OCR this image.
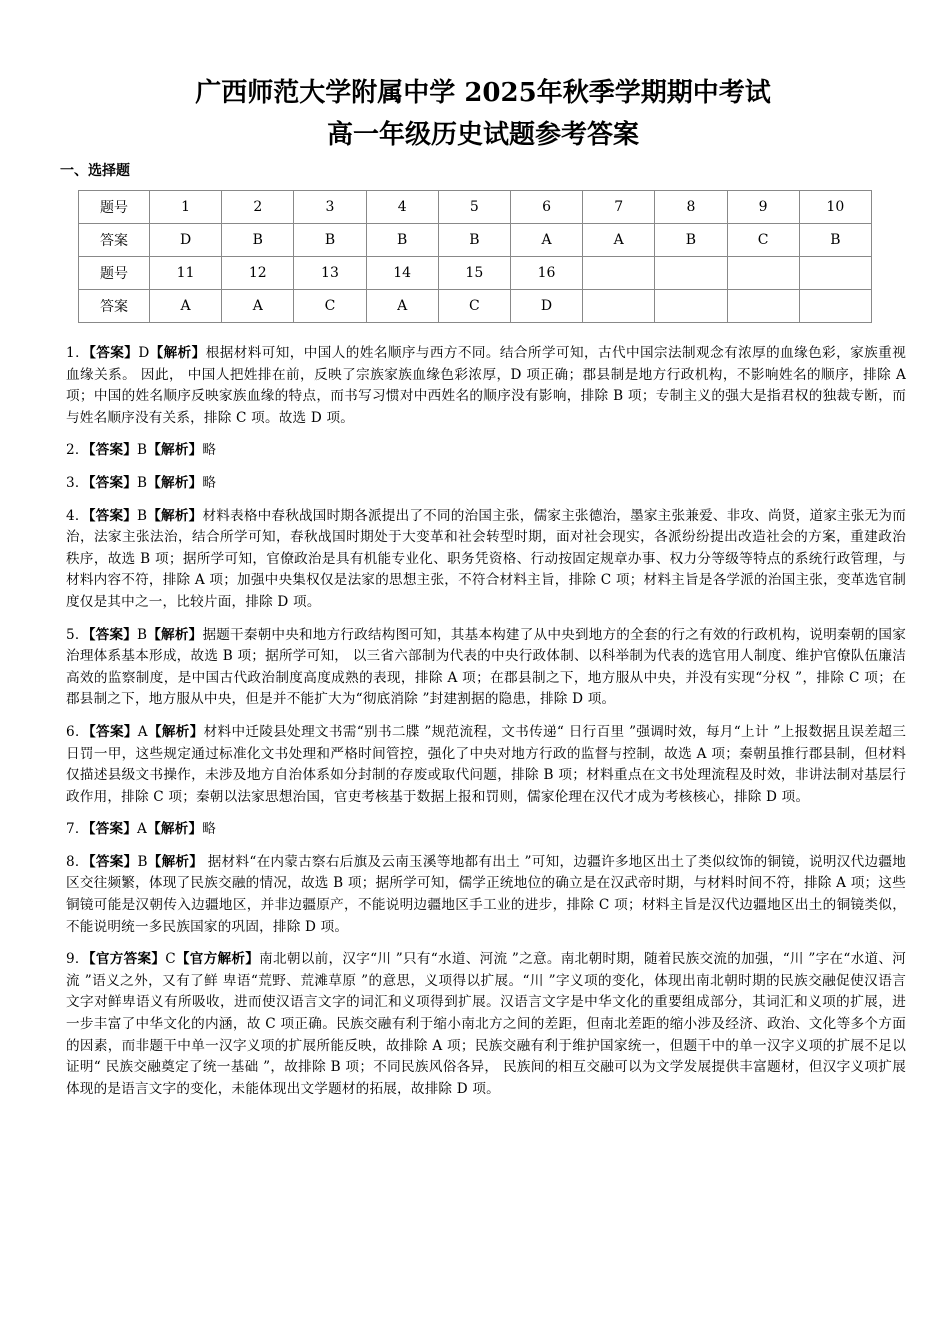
广西师范大学附属中学 2025年秋季学期期中考试
高一年级历史试题参考答案
一、选择题
题号	1	2	3	4	5	6	7	8	9	10
答案	D	B	B	B	B	A	A	B	C	B
题号	11	12	13	14	15	16				
答案	A	A	C	A	C	D				

1．【答案】D【解析】根据材料可知，中国人的姓名顺序与西方不同。结合所学可知，古代中国宗法制观念有浓厚的血缘色彩，家族重视血缘关系。 因此， 中国人把姓排在前，反映了宗族家族血缘色彩浓厚，D 项正确；郡县制是地方行政机构，不影响姓名的顺序，排除 A 项；中国的姓名顺序反映家族血缘的特点，而书写习惯对中西姓名的顺序没有影响，排除 B 项；专制主义的强大是指君权的独裁专断，而与姓名顺序没有关系，排除 C 项。故选 D 项。

2．【答案】B【解析】略

3．【答案】B【解析】略

4．【答案】B【解析】材料表格中春秋战国时期各派提出了不同的治国主张，儒家主张德治，墨家主张兼爱、非攻、尚贤，道家主张无为而治，法家主张法治，结合所学可知，春秋战国时期处于大变革和社会转型时期，面对社会现实，各派纷纷提出改造社会的方案，重建政治秩序，故选 B 项；据所学可知，官僚政治是具有机能专业化、职务凭资格、行动按固定规章办事、权力分等级等特点的系统行政管理，与材料内容不符，排除 A 项；加强中央集权仅是法家的思想主张，不符合材料主旨，排除 C 项；材料主旨是各学派的治国主张，变革选官制度仅是其中之一，比较片面，排除 D 项。

5．【答案】B【解析】据题干秦朝中央和地方行政结构图可知，其基本构建了从中央到地方的全套的行之有效的行政机构，说明秦朝的国家治理体系基本形成，故选 B 项；据所学可知， 以三省六部制为代表的中央行政体制、以科举制为代表的选官用人制度、维护官僚队伍廉洁高效的监察制度，是中国古代政治制度高度成熟的表现，排除 A 项；在郡县制之下，地方服从中央，并没有实现“分权 ”，排除 C 项；在郡县制之下，地方服从中央，但是并不能扩大为“彻底消除 ”封建割据的隐患，排除 D 项。

6．【答案】A【解析】材料中迁陵县处理文书需“别书二牒 ”规范流程，文书传递“ 日行百里 ”强调时效，每月“上计 ”上报数据且误差超三日罚一甲，这些规定通过标准化文书处理和严格时间管控，强化了中央对地方行政的监督与控制，故选 A 项；秦朝虽推行郡县制，但材料仅描述县级文书操作，未涉及地方自治体系如分封制的存废或取代问题，排除 B 项；材料重点在文书处理流程及时效，非讲法制对基层行政作用，排除 C 项；秦朝以法家思想治国，官吏考核基于数据上报和罚则，儒家伦理在汉代才成为考核核心，排除 D 项。

7．【答案】A【解析】略

8．【答案】B【解析】 据材料“在内蒙古察右后旗及云南玉溪等地都有出土 ”可知，边疆许多地区出土了类似纹饰的铜镜，说明汉代边疆地区交往频繁，体现了民族交融的情况，故选 B 项；据所学可知，儒学正统地位的确立是在汉武帝时期，与材料时间不符，排除 A 项；这些铜镜可能是汉朝传入边疆地区，并非边疆原产，不能说明边疆地区手工业的进步，排除 C 项；材料主旨是汉代边疆地区出土的铜镜类似，不能说明统一多民族国家的巩固，排除 D 项。

9．【官方答案】C【官方解析】南北朝以前，汉字“川 ”只有“水道、河流 ”之意。南北朝时期，随着民族交流的加强，“川 ”字在“水道、河流 ”语义之外，又有了鲜 卑语“荒野、荒滩草原 ”的意思，义项得以扩展。“川 ”字义项的变化，体现出南北朝时期的民族交融促使汉语言文字对鲜卑语义有所吸收，进而使汉语言文字的词汇和义项得到扩展。汉语言文字是中华文化的重要组成部分，其词汇和义项的扩展，进一步丰富了中华文化的内涵，故 C 项正确。民族交融有利于缩小南北方之间的差距，但南北差距的缩小涉及经济、政治、文化等多个方面的因素，而非题干中单一汉字义项的扩展所能反映，故排除 A 项；民族交融有利于维护国家统一，但题干中的单一汉字义项的扩展不足以证明“ 民族交融奠定了统一基础 ”，故排除 B 项；不同民族风俗各异， 民族间的相互交融可以为文学发展提供丰富题材，但汉字义项扩展体现的是语言文字的变化，未能体现出文学题材的拓展，故排除 D 项。
